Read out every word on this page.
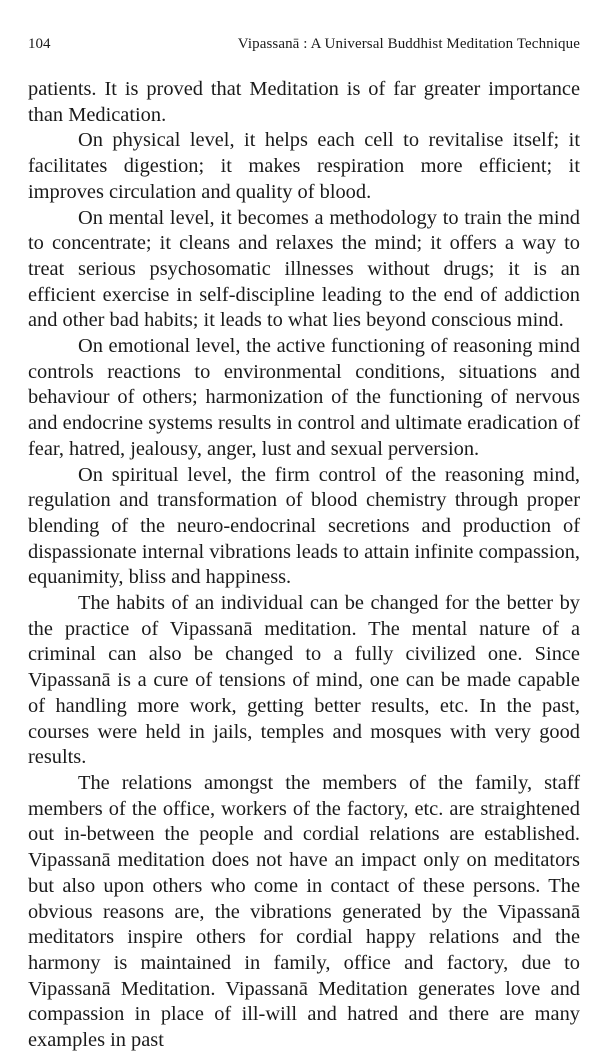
104	Vipassanā : A Universal Buddhist Meditation Technique

patients. It is proved that Meditation is of far greater importance than Medication.

On physical level, it helps each cell to revitalise itself; it facilitates digestion; it makes respiration more efficient; it improves circulation and quality of blood.

On mental level, it becomes a methodology to train the mind to concentrate; it cleans and relaxes the mind; it offers a way to treat serious psychosomatic illnesses without drugs; it is an efficient exercise in self-discipline leading to the end of addiction and other bad habits; it leads to what lies beyond conscious mind.

On emotional level, the active functioning of reasoning mind controls reactions to environmental conditions, situations and behaviour of others; harmonization of the functioning of nervous and endocrine systems results in control and ultimate eradication of fear, hatred, jealousy, anger, lust and sexual perversion.

On spiritual level, the firm control of the reasoning mind, regulation and transformation of blood chemistry through proper blending of the neuro-endocrinal secretions and production of dispassionate internal vibrations leads to attain infinite compassion, equanimity, bliss and happiness.

The habits of an individual can be changed for the better by the practice of Vipassanā meditation. The mental nature of a criminal can also be changed to a fully civilized one. Since Vipassanā is a cure of tensions of mind, one can be made capable of handling more work, getting better results, etc. In the past, courses were held in jails, temples and mosques with very good results.

The relations amongst the members of the family, staff members of the office, workers of the factory, etc. are straightened out in-between the people and cordial relations are established. Vipassanā meditation does not have an impact only on meditators but also upon others who come in contact of these persons. The obvious reasons are, the vibrations generated by the Vipassanā meditators inspire others for cordial happy relations and the harmony is maintained in family, office and factory, due to Vipassanā Meditation. Vipassanā Meditation generates love and compassion in place of ill-will and hatred and there are many examples in past
